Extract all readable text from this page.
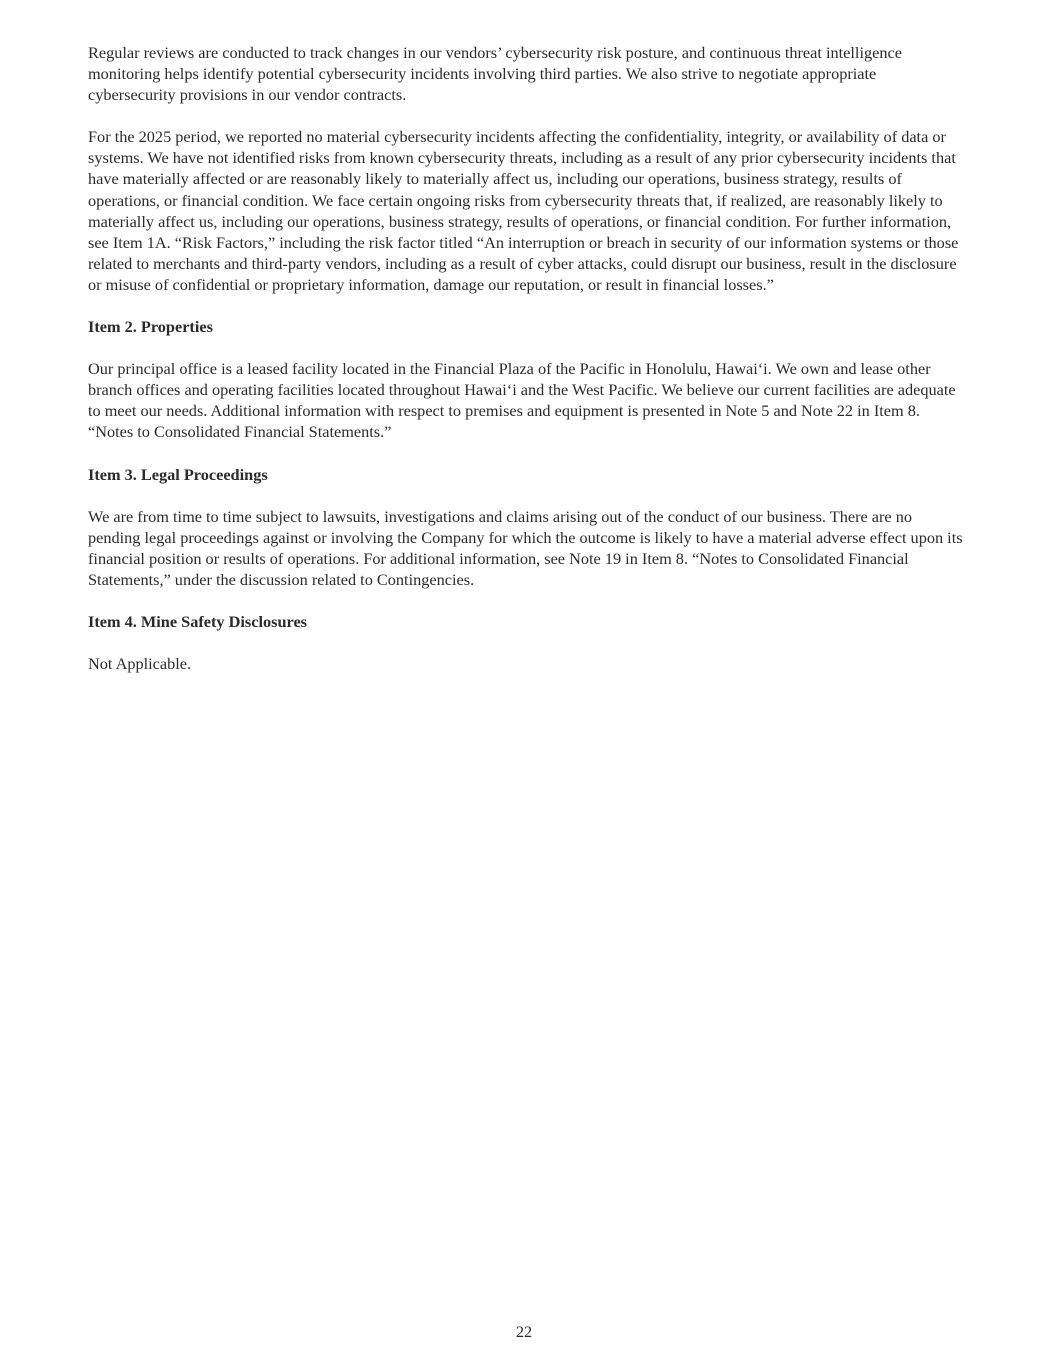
Regular reviews are conducted to track changes in our vendors’ cybersecurity risk posture, and continuous threat intelligence monitoring helps identify potential cybersecurity incidents involving third parties. We also strive to negotiate appropriate cybersecurity provisions in our vendor contracts.

For the 2025 period, we reported no material cybersecurity incidents affecting the confidentiality, integrity, or availability of data or systems. We have not identified risks from known cybersecurity threats, including as a result of any prior cybersecurity incidents that have materially affected or are reasonably likely to materially affect us, including our operations, business strategy, results of operations, or financial condition. We face certain ongoing risks from cybersecurity threats that, if realized, are reasonably likely to materially affect us, including our operations, business strategy, results of operations, or financial condition. For further information, see Item 1A. “Risk Factors,” including the risk factor titled “An interruption or breach in security of our information systems or those related to merchants and third-party vendors, including as a result of cyber attacks, could disrupt our business, result in the disclosure or misuse of confidential or proprietary information, damage our reputation, or result in financial losses.”

Item 2. Properties

Our principal office is a leased facility located in the Financial Plaza of the Pacific in Honolulu, Hawai‘i. We own and lease other branch offices and operating facilities located throughout Hawai‘i and the West Pacific. We believe our current facilities are adequate to meet our needs. Additional information with respect to premises and equipment is presented in Note 5 and Note 22 in Item 8. “Notes to Consolidated Financial Statements.”

Item 3. Legal Proceedings

We are from time to time subject to lawsuits, investigations and claims arising out of the conduct of our business. There are no pending legal proceedings against or involving the Company for which the outcome is likely to have a material adverse effect upon its financial position or results of operations. For additional information, see Note 19 in Item 8. “Notes to Consolidated Financial Statements,” under the discussion related to Contingencies.

Item 4. Mine Safety Disclosures

Not Applicable.

22
